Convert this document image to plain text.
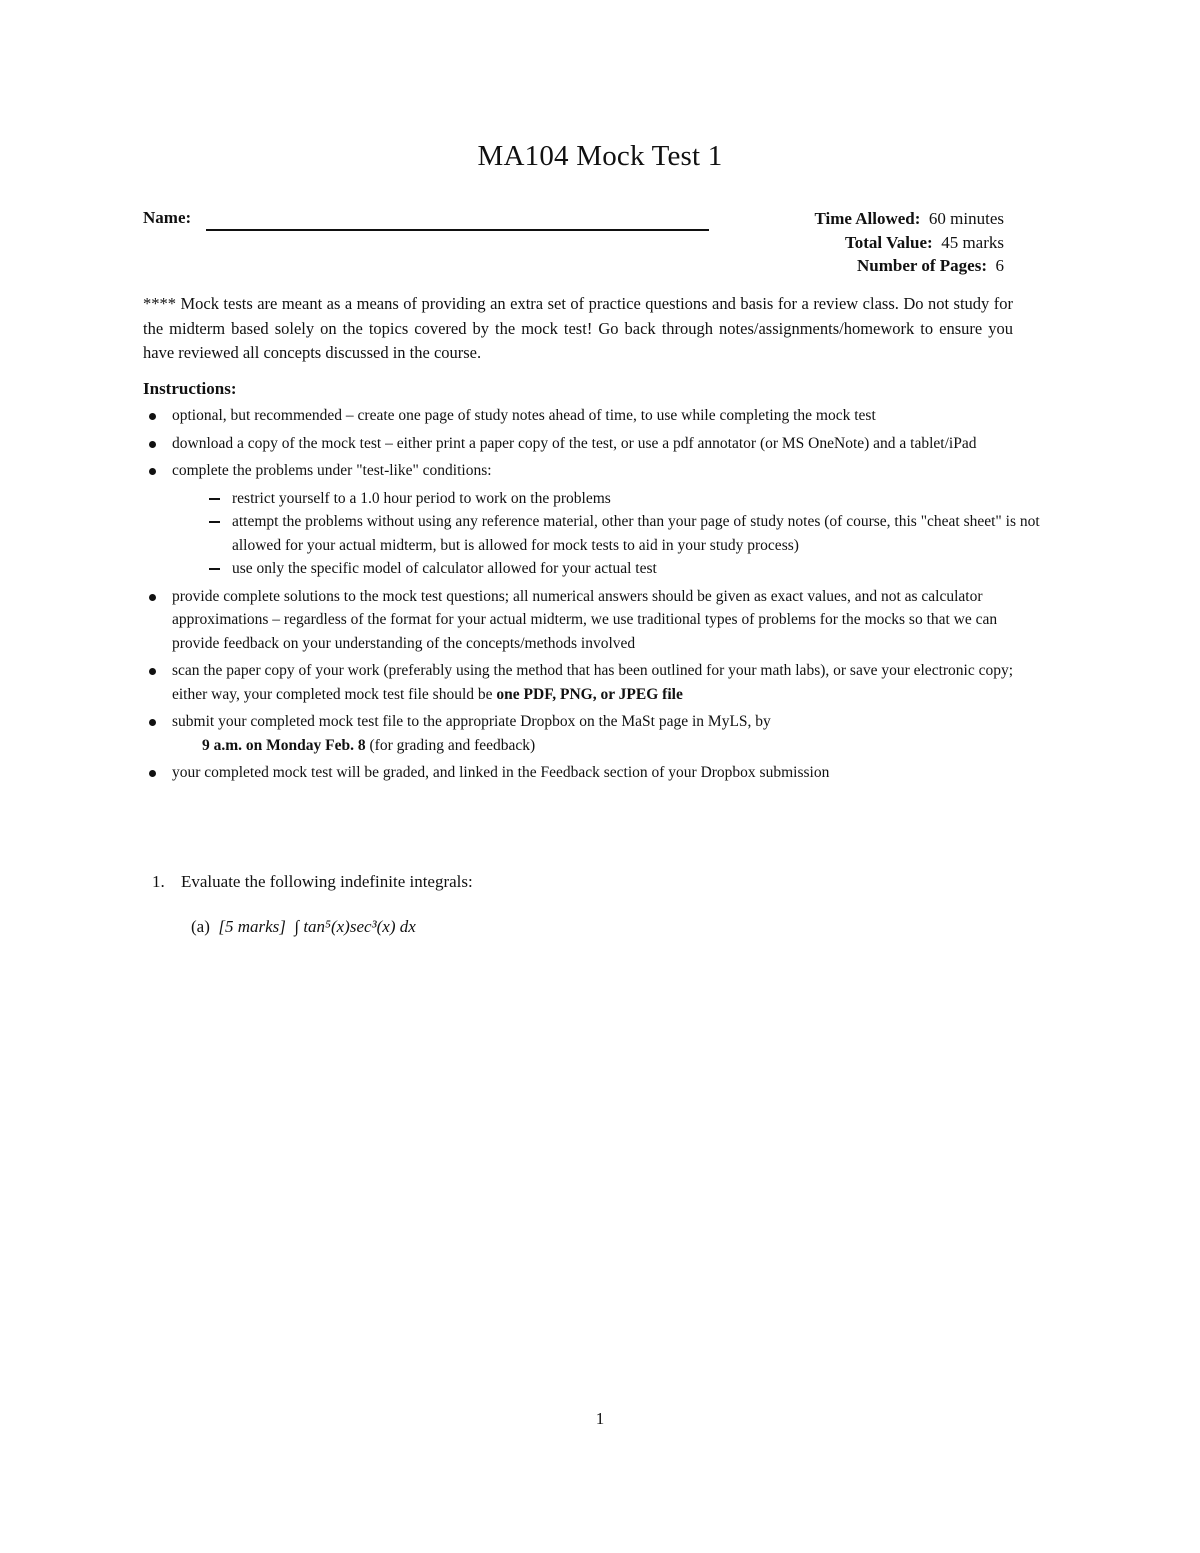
MA104 Mock Test 1
Name:	Time Allowed: 60 minutes
Total Value: 45 marks
Number of Pages: 6
**** Mock tests are meant as a means of providing an extra set of practice questions and basis for a review class. Do not study for the midterm based solely on the topics covered by the mock test! Go back through notes/assignments/homework to ensure you have reviewed all concepts discussed in the course.
Instructions:
optional, but recommended – create one page of study notes ahead of time, to use while completing the mock test
download a copy of the mock test – either print a paper copy of the test, or use a pdf annotator (or MS OneNote) and a tablet/iPad
complete the problems under "test-like" conditions:
restrict yourself to a 1.0 hour period to work on the problems
attempt the problems without using any reference material, other than your page of study notes (of course, this "cheat sheet" is not allowed for your actual midterm, but is allowed for mock tests to aid in your study process)
use only the specific model of calculator allowed for your actual test
provide complete solutions to the mock test questions; all numerical answers should be given as exact values, and not as calculator approximations – regardless of the format for your actual midterm, we use traditional types of problems for the mocks so that we can provide feedback on your understanding of the concepts/methods involved
scan the paper copy of your work (preferably using the method that has been outlined for your math labs), or save your electronic copy; either way, your completed mock test file should be one PDF, PNG, or JPEG file
submit your completed mock test file to the appropriate Dropbox on the MaSt page in MyLS, by
9 a.m. on Monday Feb. 8 (for grading and feedback)
your completed mock test will be graded, and linked in the Feedback section of your Dropbox submission
1. Evaluate the following indefinite integrals:
(a) [5 marks] ∫ tan⁵(x)sec³(x) dx
1
